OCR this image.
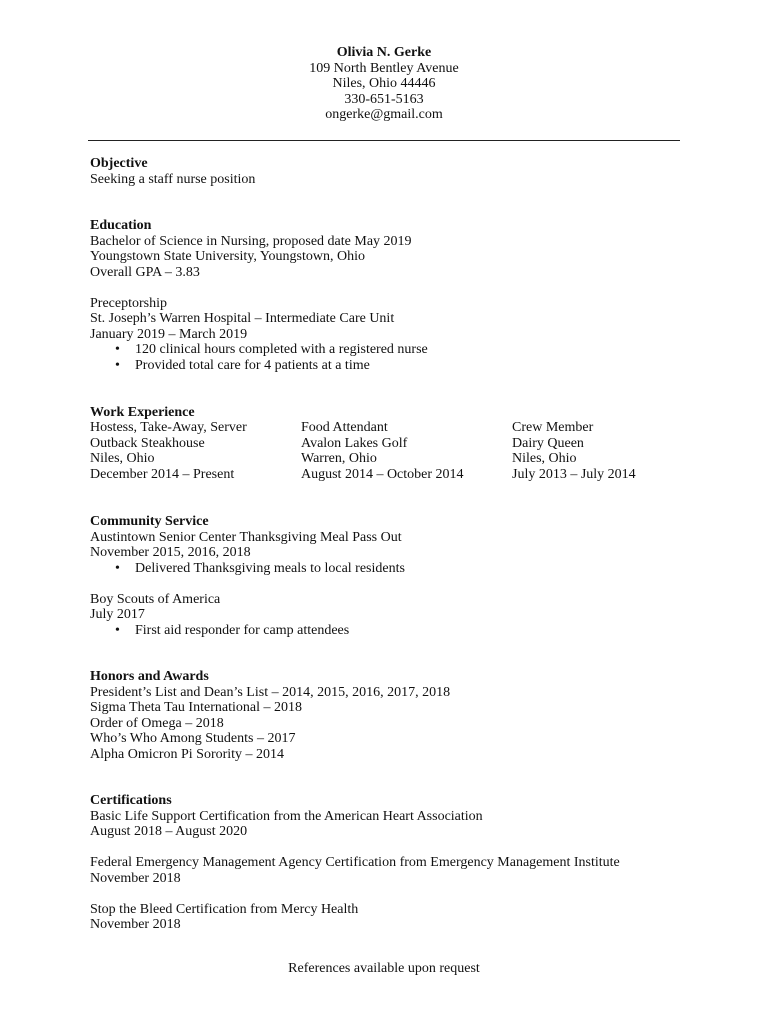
Olivia N. Gerke
109 North Bentley Avenue
Niles, Ohio 44446
330-651-5163
ongerke@gmail.com
Objective
Seeking a staff nurse position
Education
Bachelor of Science in Nursing, proposed date May 2019
Youngstown State University, Youngstown, Ohio
Overall GPA – 3.83
Preceptorship
St. Joseph’s Warren Hospital – Intermediate Care Unit
January 2019 – March 2019
• 120 clinical hours completed with a registered nurse
• Provided total care for 4 patients at a time
Work Experience
Hostess, Take-Away, Server
Outback Steakhouse
Niles, Ohio
December 2014 – Present
Food Attendant
Avalon Lakes Golf
Warren, Ohio
August 2014 – October 2014
Crew Member
Dairy Queen
Niles, Ohio
July 2013 – July 2014
Community Service
Austintown Senior Center Thanksgiving Meal Pass Out
November 2015, 2016, 2018
• Delivered Thanksgiving meals to local residents
Boy Scouts of America
July 2017
• First aid responder for camp attendees
Honors and Awards
President’s List and Dean’s List – 2014, 2015, 2016, 2017, 2018
Sigma Theta Tau International – 2018
Order of Omega – 2018
Who’s Who Among Students – 2017
Alpha Omicron Pi Sorority – 2014
Certifications
Basic Life Support Certification from the American Heart Association
August 2018 – August 2020
Federal Emergency Management Agency Certification from Emergency Management Institute
November 2018
Stop the Bleed Certification from Mercy Health
November 2018
References available upon request
